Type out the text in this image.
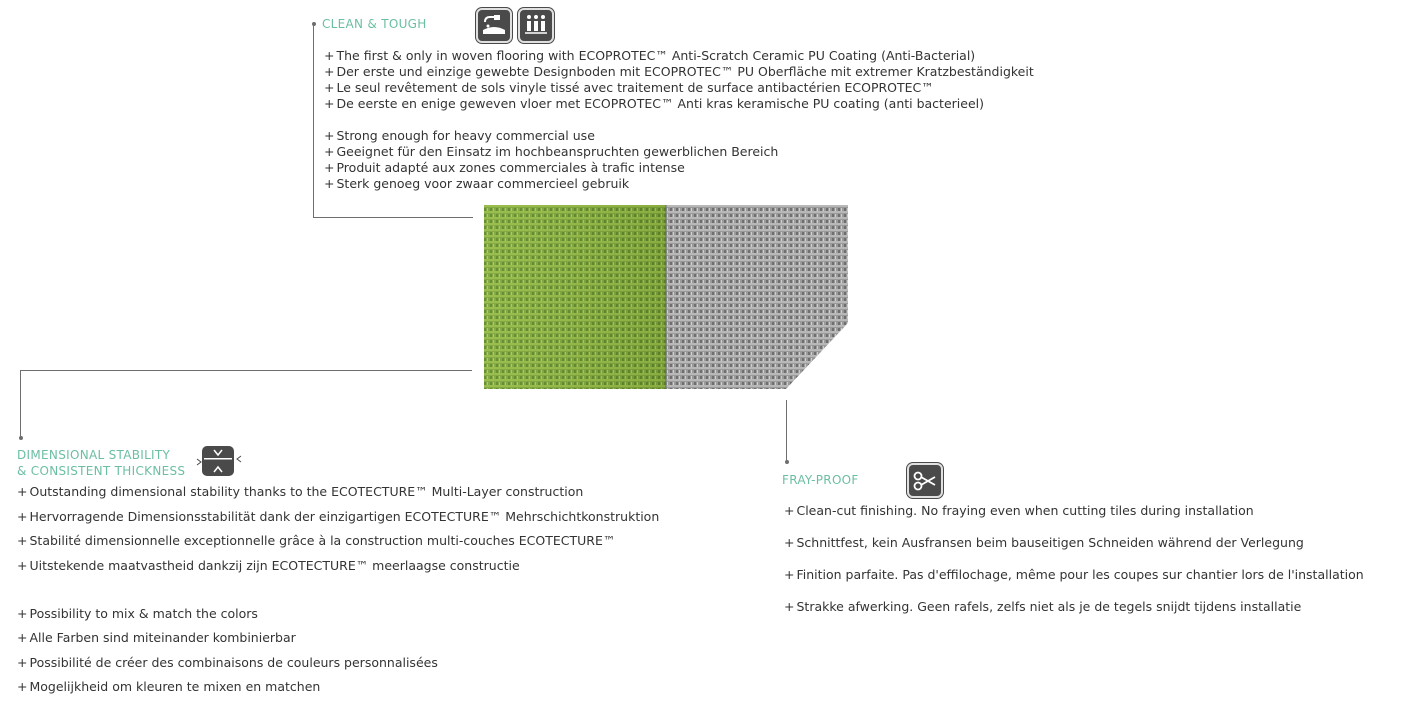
CLEAN & TOUGH
+ The first & only in woven flooring with ECOPROTEC™ Anti-Scratch Ceramic PU Coating (Anti-Bacterial)
+ Der erste und einzige gewebte Designboden mit ECOPROTEC™ PU Oberfläche mit extremer Kratzbeständigkeit
+ Le seul revêtement de sols vinyle tissé avec traitement de surface antibactérien ECOPROTEC™
+ De eerste en enige geweven vloer met ECOPROTEC™ Anti kras keramische PU coating (anti bacterieel)
+ Strong enough for heavy commercial use
+ Geeignet für den Einsatz im hochbeanspruchten gewerblichen Bereich
+ Produit adapté aux zones commerciales à trafic intense
+ Sterk genoeg voor zwaar commercieel gebruik
DIMENSIONAL STABILITY
& CONSISTENT THICKNESS
+ Outstanding dimensional stability thanks to the ECOTECTURE™ Multi-Layer construction
+ Hervorragende Dimensionsstabilität dank der einzigartigen ECOTECTURE™ Mehrschichtkonstruktion
+ Stabilité dimensionnelle exceptionnelle grâce à la construction multi-couches ECOTECTURE™
+ Uitstekende maatvastheid dankzij zijn ECOTECTURE™ meerlaagse constructie
+ Possibility to mix & match the colors
+ Alle Farben sind miteinander kombinierbar
+ Possibilité de créer des combinaisons de couleurs personnalisées
+ Mogelijkheid om kleuren te mixen en matchen
FRAY-PROOF
+ Clean-cut finishing. No fraying even when cutting tiles during installation
+ Schnittfest, kein Ausfransen beim bauseitigen Schneiden während der Verlegung
+ Finition parfaite. Pas d'effilochage, même pour les coupes sur chantier lors de l'installation
+ Strakke afwerking. Geen rafels, zelfs niet als je de tegels snijdt tijdens installatie
